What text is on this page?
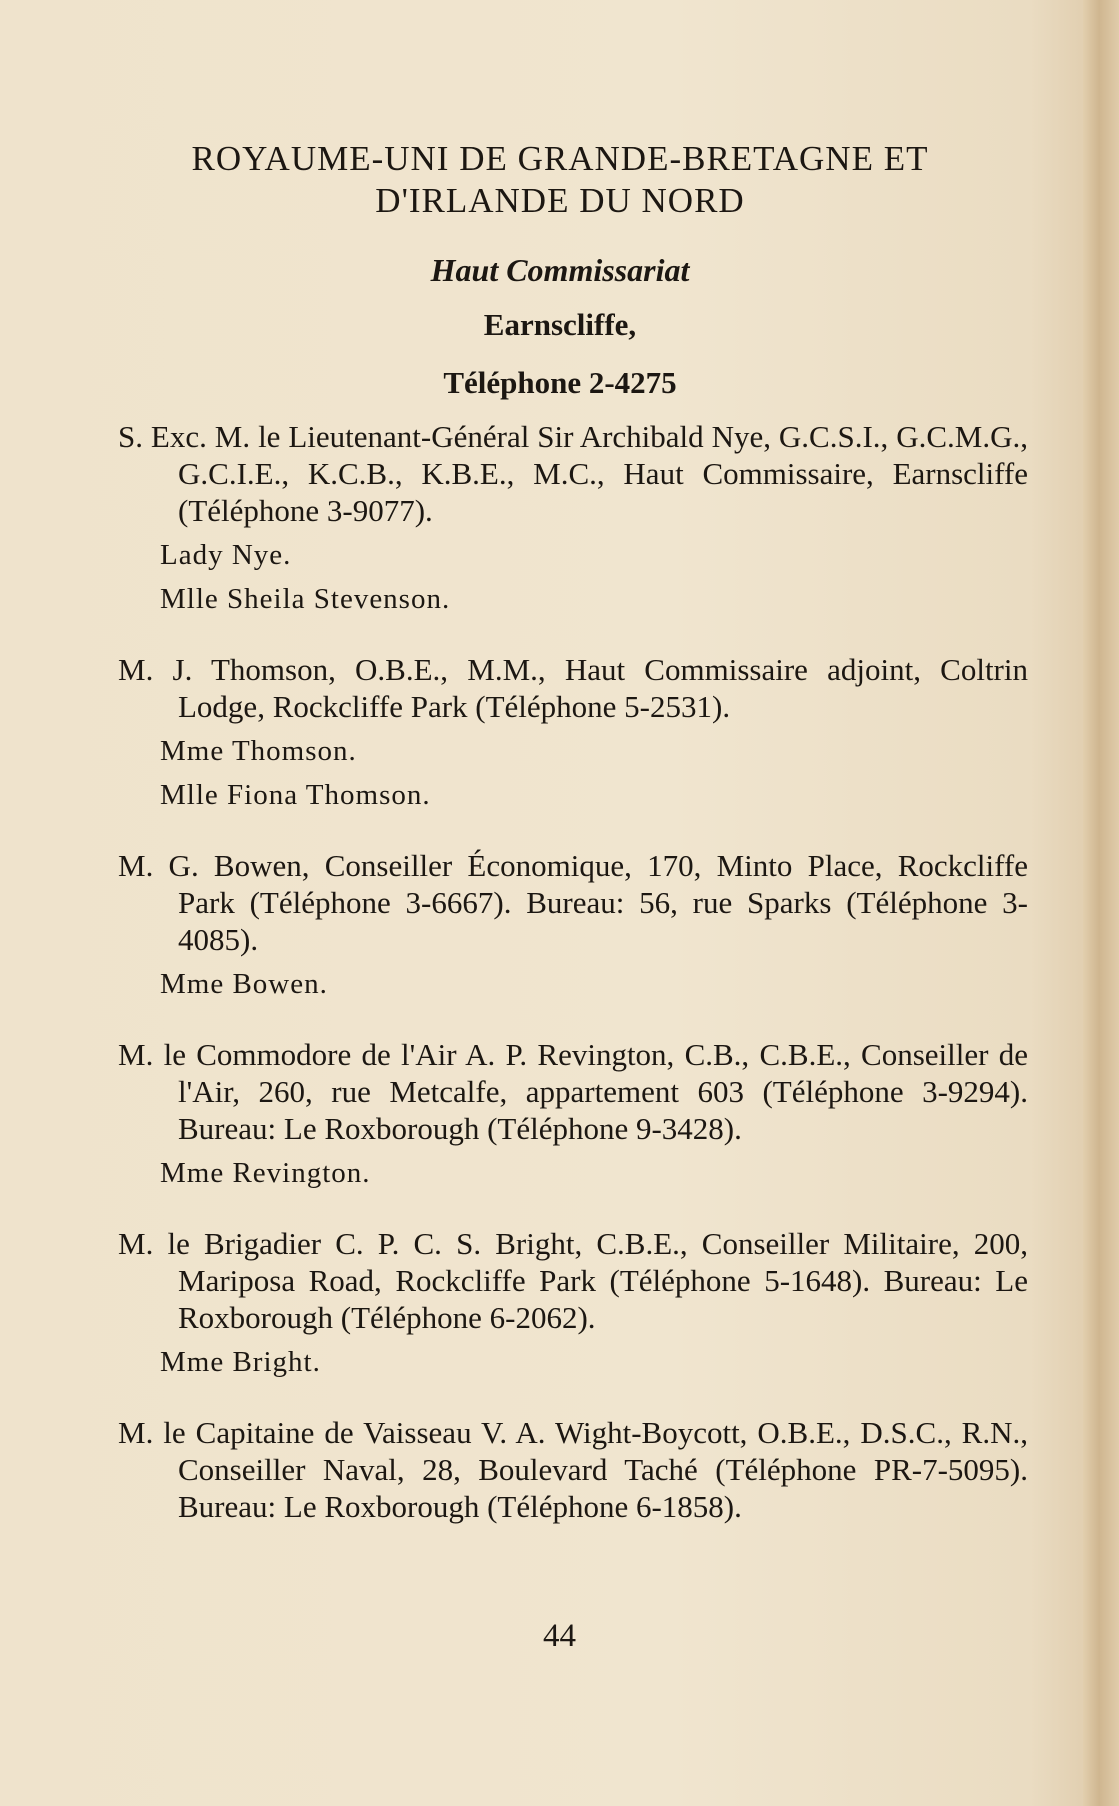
ROYAUME-UNI DE GRANDE-BRETAGNE ET

D'IRLANDE DU NORD

Haut Commissariat
Earnscliffe,
Téléphone 2-4275

S. Exc. M. le Lieutenant-Général Sir Archibald Nye, G.C.S.I., G.C.M.G., G.C.I.E., K.C.B., K.B.E., M.C., Haut Commissaire, Earnscliffe (Téléphone 3-9077).

Lady Nye.

Mlle Sheila Stevenson.

M. J. Thomson, O.B.E., M.M., Haut Commissaire adjoint, Coltrin Lodge, Rockcliffe Park (Téléphone 5-2531).

Mme Thomson.

Mlle Fiona Thomson.

M. G. Bowen, Conseiller Économique, 170, Minto Place, Rockcliffe Park (Téléphone 3-6667). Bureau: 56, rue Sparks (Téléphone 3-4085).

Mme Bowen.

M. le Commodore de l'Air A. P. Revington, C.B., C.B.E., Conseiller de l'Air, 260, rue Metcalfe, appartement 603 (Téléphone 3-9294). Bureau: Le Roxborough (Téléphone 9-3428).

Mme Revington.

M. le Brigadier C. P. C. S. Bright, C.B.E., Conseiller Militaire, 200, Mariposa Road, Rockcliffe Park (Téléphone 5-1648). Bureau: Le Roxborough (Téléphone 6-2062).

Mme Bright.

M. le Capitaine de Vaisseau V. A. Wight-Boycott, O.B.E., D.S.C., R.N., Conseiller Naval, 28, Boulevard Taché (Téléphone PR-7-5095). Bureau: Le Roxborough (Téléphone 6-1858).

44
